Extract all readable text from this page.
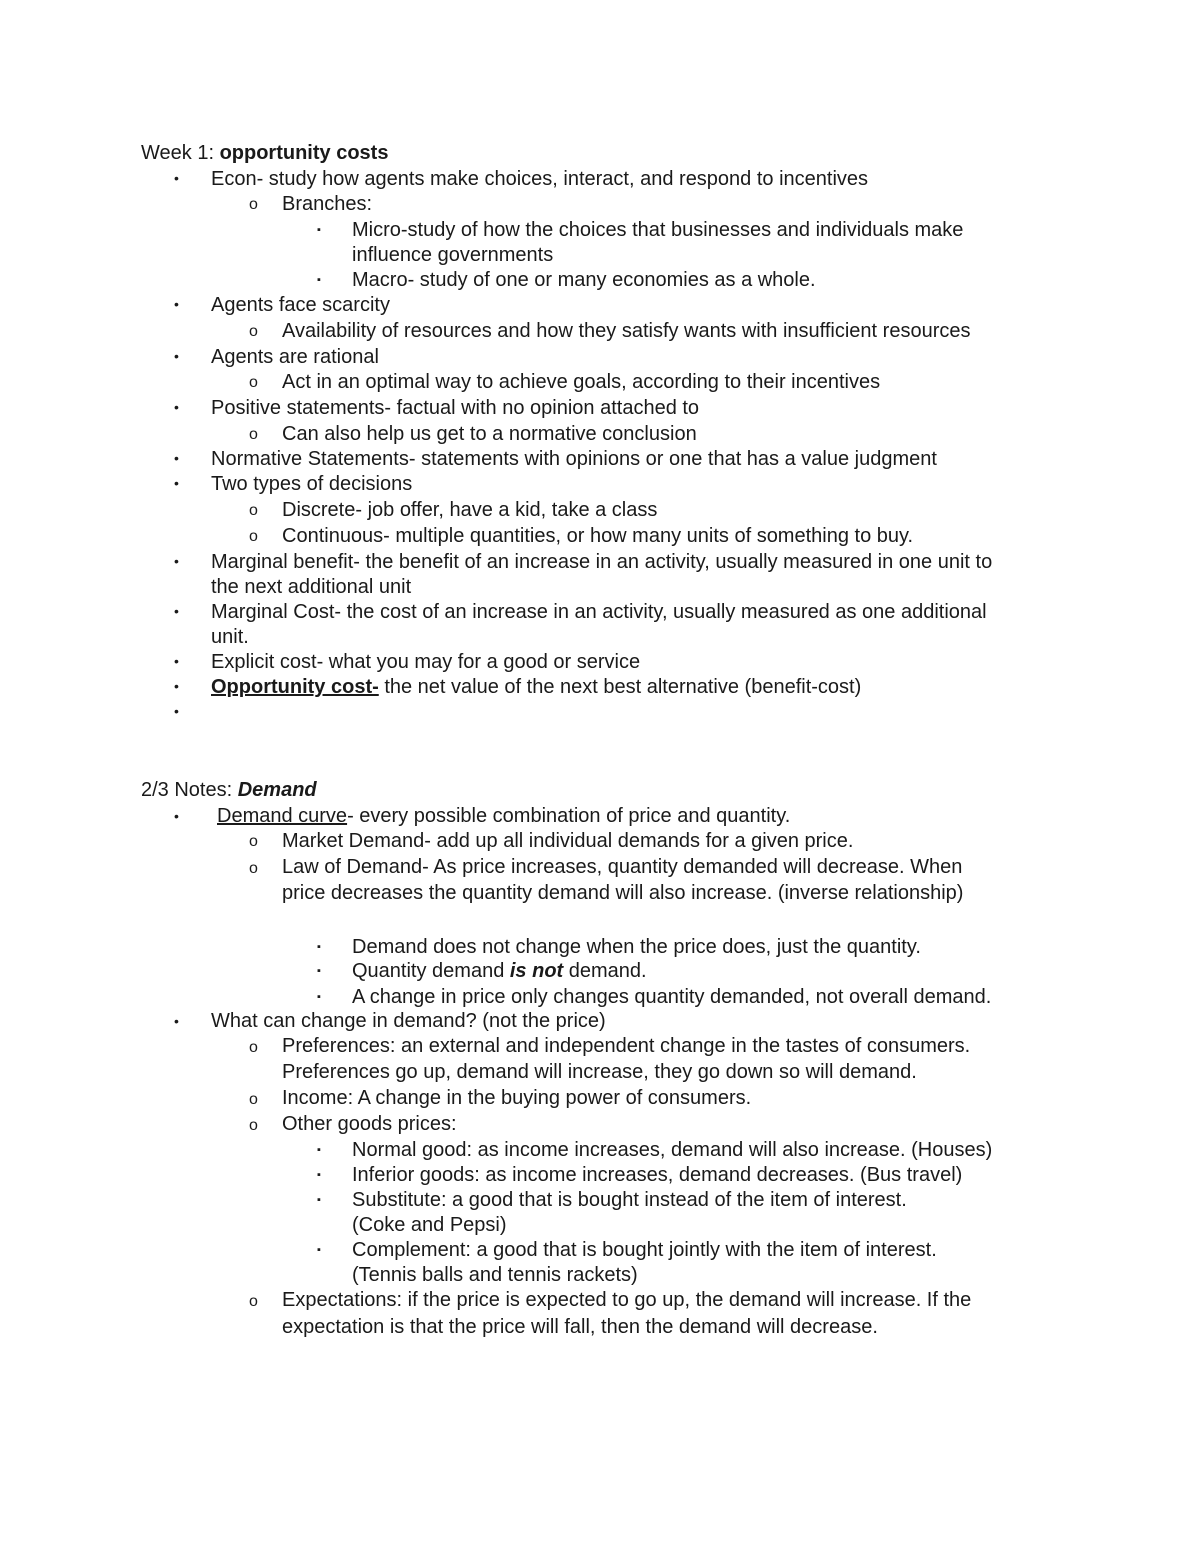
Week 1: opportunity costs
• Econ- study how agents make choices, interact, and respond to incentives
o Branches:
▪ Micro-study of how the choices that businesses and individuals make
influence governments
▪ Macro- study of one or many economies as a whole.
• Agents face scarcity
o Availability of resources and how they satisfy wants with insufficient resources
• Agents are rational
o Act in an optimal way to achieve goals, according to their incentives
• Positive statements- factual with no opinion attached to
o Can also help us get to a normative conclusion
• Normative Statements- statements with opinions or one that has a value judgment
• Two types of decisions
o Discrete- job offer, have a kid, take a class
o Continuous- multiple quantities, or how many units of something to buy.
• Marginal benefit- the benefit of an increase in an activity, usually measured in one unit to
the next additional unit
• Marginal Cost- the cost of an increase in an activity, usually measured as one additional
unit.
• Explicit cost- what you may for a good or service
• Opportunity cost- the net value of the next best alternative (benefit-cost)
•
2/3 Notes: Demand
• Demand curve- every possible combination of price and quantity.
o Market Demand- add up all individual demands for a given price.
o Law of Demand- As price increases, quantity demanded will decrease. When
price decreases the quantity demand will also increase. (inverse relationship)
▪ Demand does not change when the price does, just the quantity.
▪ Quantity demand is not demand.
▪ A change in price only changes quantity demanded, not overall demand.
• What can change in demand? (not the price)
o Preferences: an external and independent change in the tastes of consumers.
Preferences go up, demand will increase, they go down so will demand.
o Income: A change in the buying power of consumers.
o Other goods prices:
▪ Normal good: as income increases, demand will also increase. (Houses)
▪ Inferior goods: as income increases, demand decreases. (Bus travel)
▪ Substitute: a good that is bought instead of the item of interest.
(Coke and Pepsi)
▪ Complement: a good that is bought jointly with the item of interest.
(Tennis balls and tennis rackets)
o Expectations: if the price is expected to go up, the demand will increase. If the
expectation is that the price will fall, then the demand will decrease.
